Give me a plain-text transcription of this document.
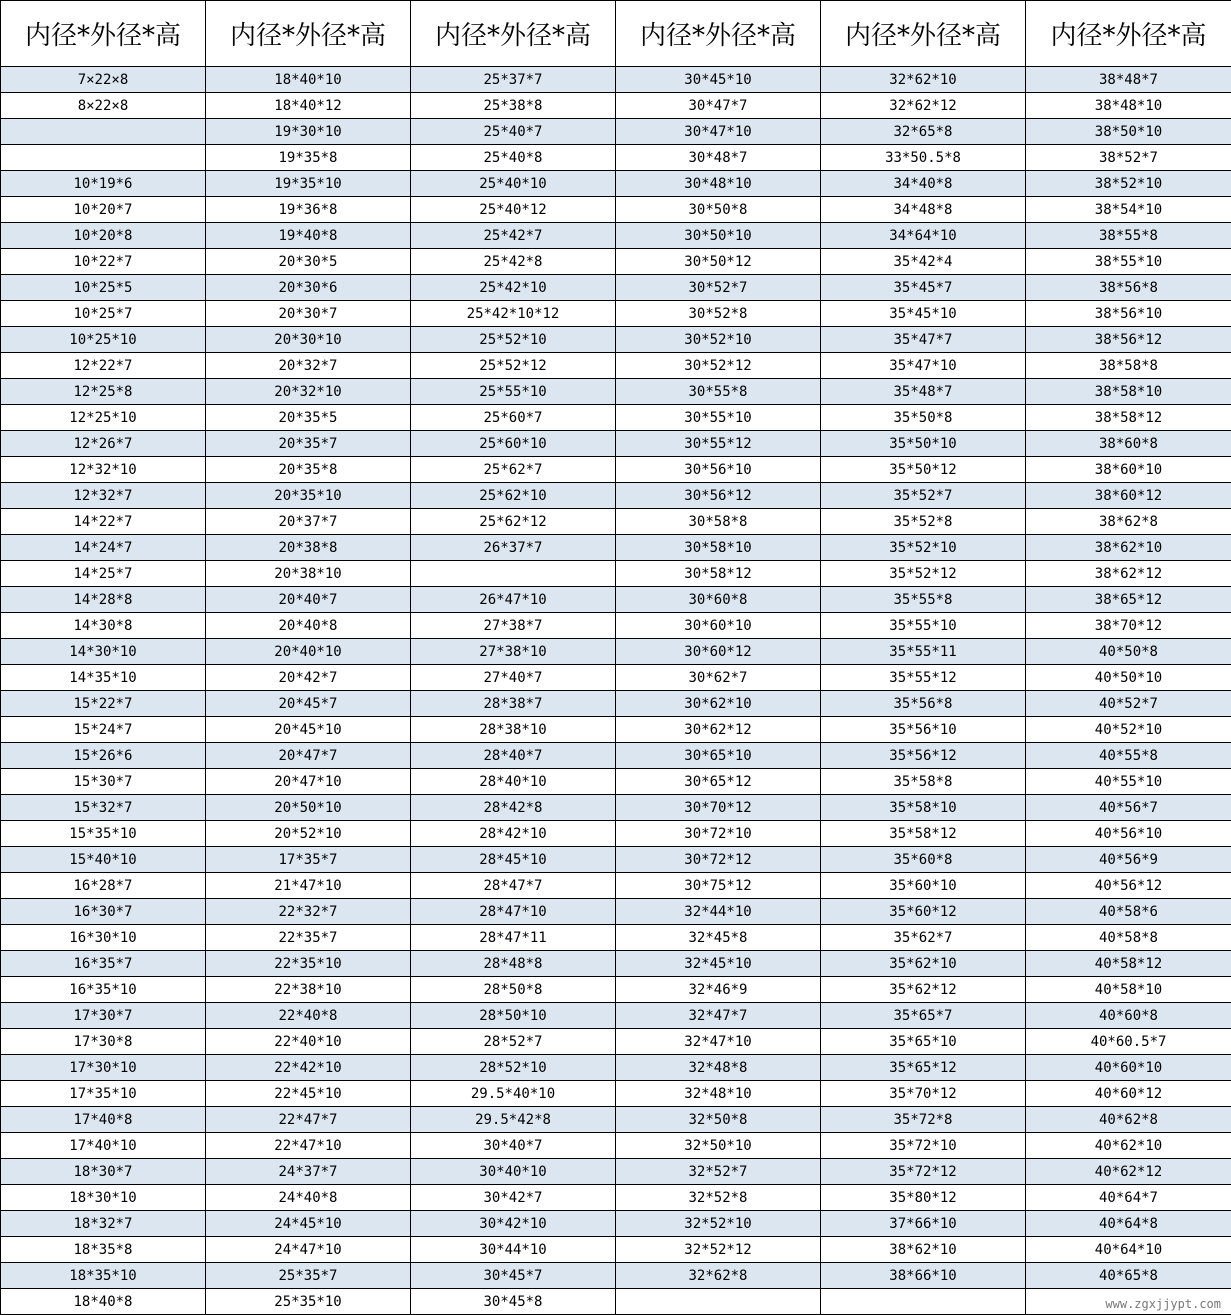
内径*外径*高	内径*外径*高	内径*外径*高	内径*外径*高	内径*外径*高	内径*外径*高
7×22×8	18*40*10	25*37*7	30*45*10	32*62*10	38*48*7
8×22×8	18*40*12	25*38*8	30*47*7	32*62*12	38*48*10
	19*30*10	25*40*7	30*47*10	32*65*8	38*50*10
	19*35*8	25*40*8	30*48*7	33*50.5*8	38*52*7
10*19*6	19*35*10	25*40*10	30*48*10	34*40*8	38*52*10
10*20*7	19*36*8	25*40*12	30*50*8	34*48*8	38*54*10
10*20*8	19*40*8	25*42*7	30*50*10	34*64*10	38*55*8
10*22*7	20*30*5	25*42*8	30*50*12	35*42*4	38*55*10
10*25*5	20*30*6	25*42*10	30*52*7	35*45*7	38*56*8
10*25*7	20*30*7	25*42*10*12	30*52*8	35*45*10	38*56*10
10*25*10	20*30*10	25*52*10	30*52*10	35*47*7	38*56*12
12*22*7	20*32*7	25*52*12	30*52*12	35*47*10	38*58*8
12*25*8	20*32*10	25*55*10	30*55*8	35*48*7	38*58*10
12*25*10	20*35*5	25*60*7	30*55*10	35*50*8	38*58*12
12*26*7	20*35*7	25*60*10	30*55*12	35*50*10	38*60*8
12*32*10	20*35*8	25*62*7	30*56*10	35*50*12	38*60*10
12*32*7	20*35*10	25*62*10	30*56*12	35*52*7	38*60*12
14*22*7	20*37*7	25*62*12	30*58*8	35*52*8	38*62*8
14*24*7	20*38*8	26*37*7	30*58*10	35*52*10	38*62*10
14*25*7	20*38*10		30*58*12	35*52*12	38*62*12
14*28*8	20*40*7	26*47*10	30*60*8	35*55*8	38*65*12
14*30*8	20*40*8	27*38*7	30*60*10	35*55*10	38*70*12
14*30*10	20*40*10	27*38*10	30*60*12	35*55*11	40*50*8
14*35*10	20*42*7	27*40*7	30*62*7	35*55*12	40*50*10
15*22*7	20*45*7	28*38*7	30*62*10	35*56*8	40*52*7
15*24*7	20*45*10	28*38*10	30*62*12	35*56*10	40*52*10
15*26*6	20*47*7	28*40*7	30*65*10	35*56*12	40*55*8
15*30*7	20*47*10	28*40*10	30*65*12	35*58*8	40*55*10
15*32*7	20*50*10	28*42*8	30*70*12	35*58*10	40*56*7
15*35*10	20*52*10	28*42*10	30*72*10	35*58*12	40*56*10
15*40*10	17*35*7	28*45*10	30*72*12	35*60*8	40*56*9
16*28*7	21*47*10	28*47*7	30*75*12	35*60*10	40*56*12
16*30*7	22*32*7	28*47*10	32*44*10	35*60*12	40*58*6
16*30*10	22*35*7	28*47*11	32*45*8	35*62*7	40*58*8
16*35*7	22*35*10	28*48*8	32*45*10	35*62*10	40*58*12
16*35*10	22*38*10	28*50*8	32*46*9	35*62*12	40*58*10
17*30*7	22*40*8	28*50*10	32*47*7	35*65*7	40*60*8
17*30*8	22*40*10	28*52*7	32*47*10	35*65*10	40*60.5*7
17*30*10	22*42*10	28*52*10	32*48*8	35*65*12	40*60*10
17*35*10	22*45*10	29.5*40*10	32*48*10	35*70*12	40*60*12
17*40*8	22*47*7	29.5*42*8	32*50*8	35*72*8	40*62*8
17*40*10	22*47*10	30*40*7	32*50*10	35*72*10	40*62*10
18*30*7	24*37*7	30*40*10	32*52*7	35*72*12	40*62*12
18*30*10	24*40*8	30*42*7	32*52*8	35*80*12	40*64*7
18*32*7	24*45*10	30*42*10	32*52*10	37*66*10	40*64*8
18*35*8	24*47*10	30*44*10	32*52*12	38*62*10	40*64*10
18*35*10	25*35*7	30*45*7	32*62*8	38*66*10	40*65*8
18*40*8	25*35*10	30*45*8				www.zgxjjypt.com
